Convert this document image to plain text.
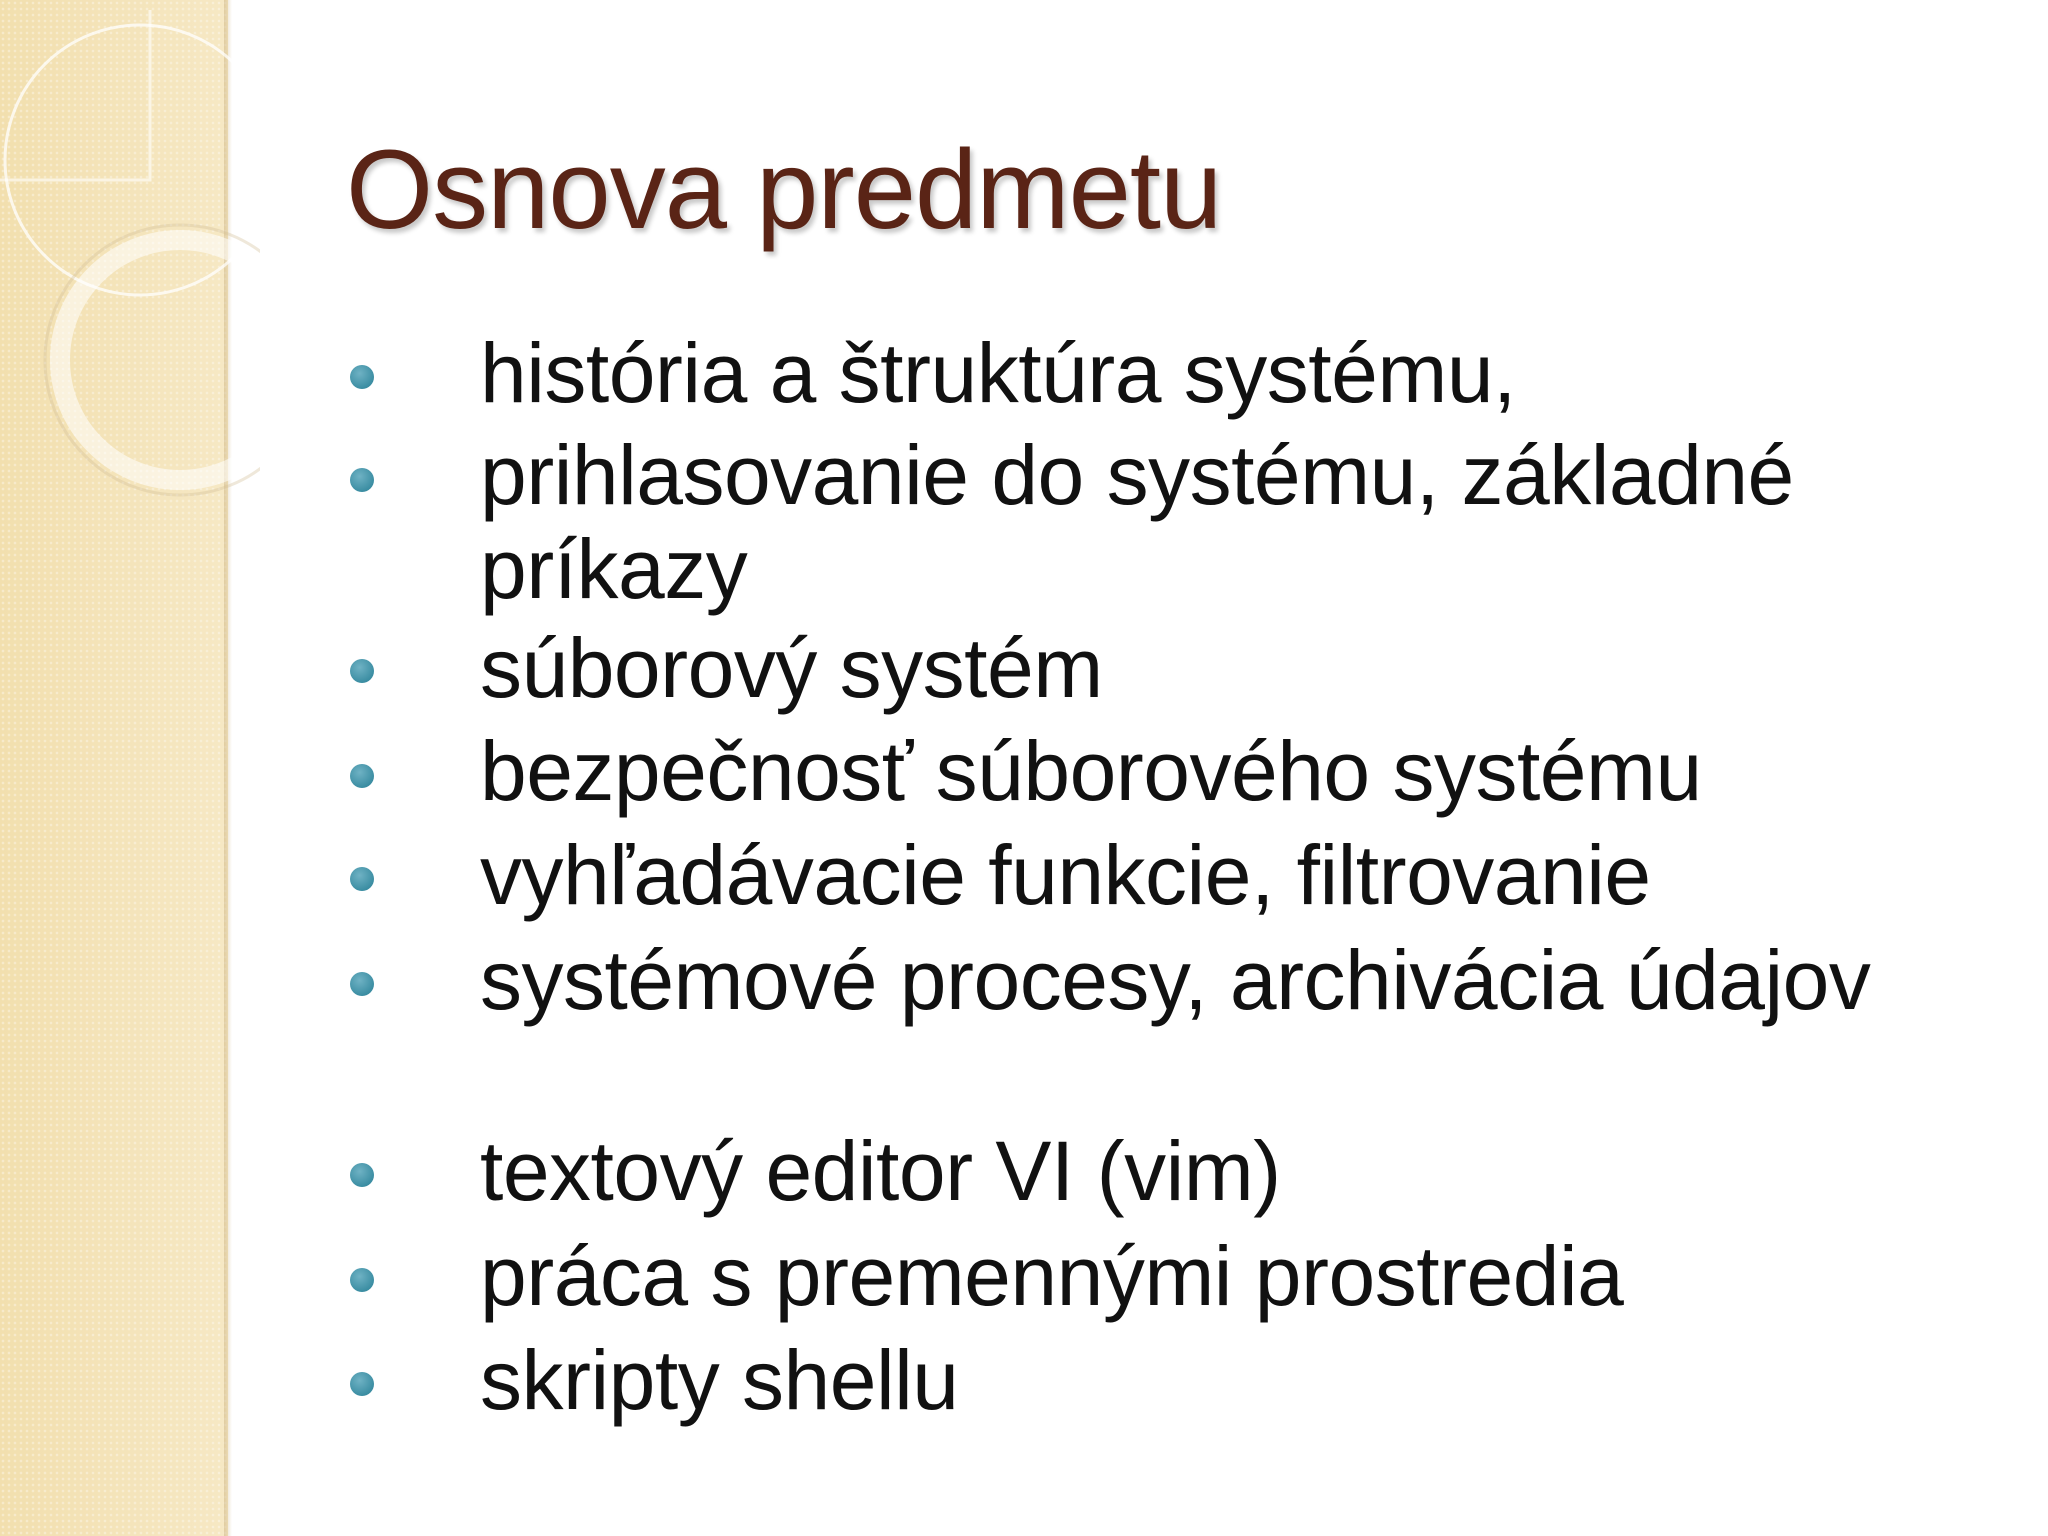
Osnova predmetu
história a štruktúra systému,
prihlasovanie do systému, základné príkazy
súborový systém
bezpečnosť súborového systému
vyhľadávacie funkcie, filtrovanie
systémové procesy, archivácia údajov
textový editor VI (vim)
práca s premennými prostredia
skripty shellu
